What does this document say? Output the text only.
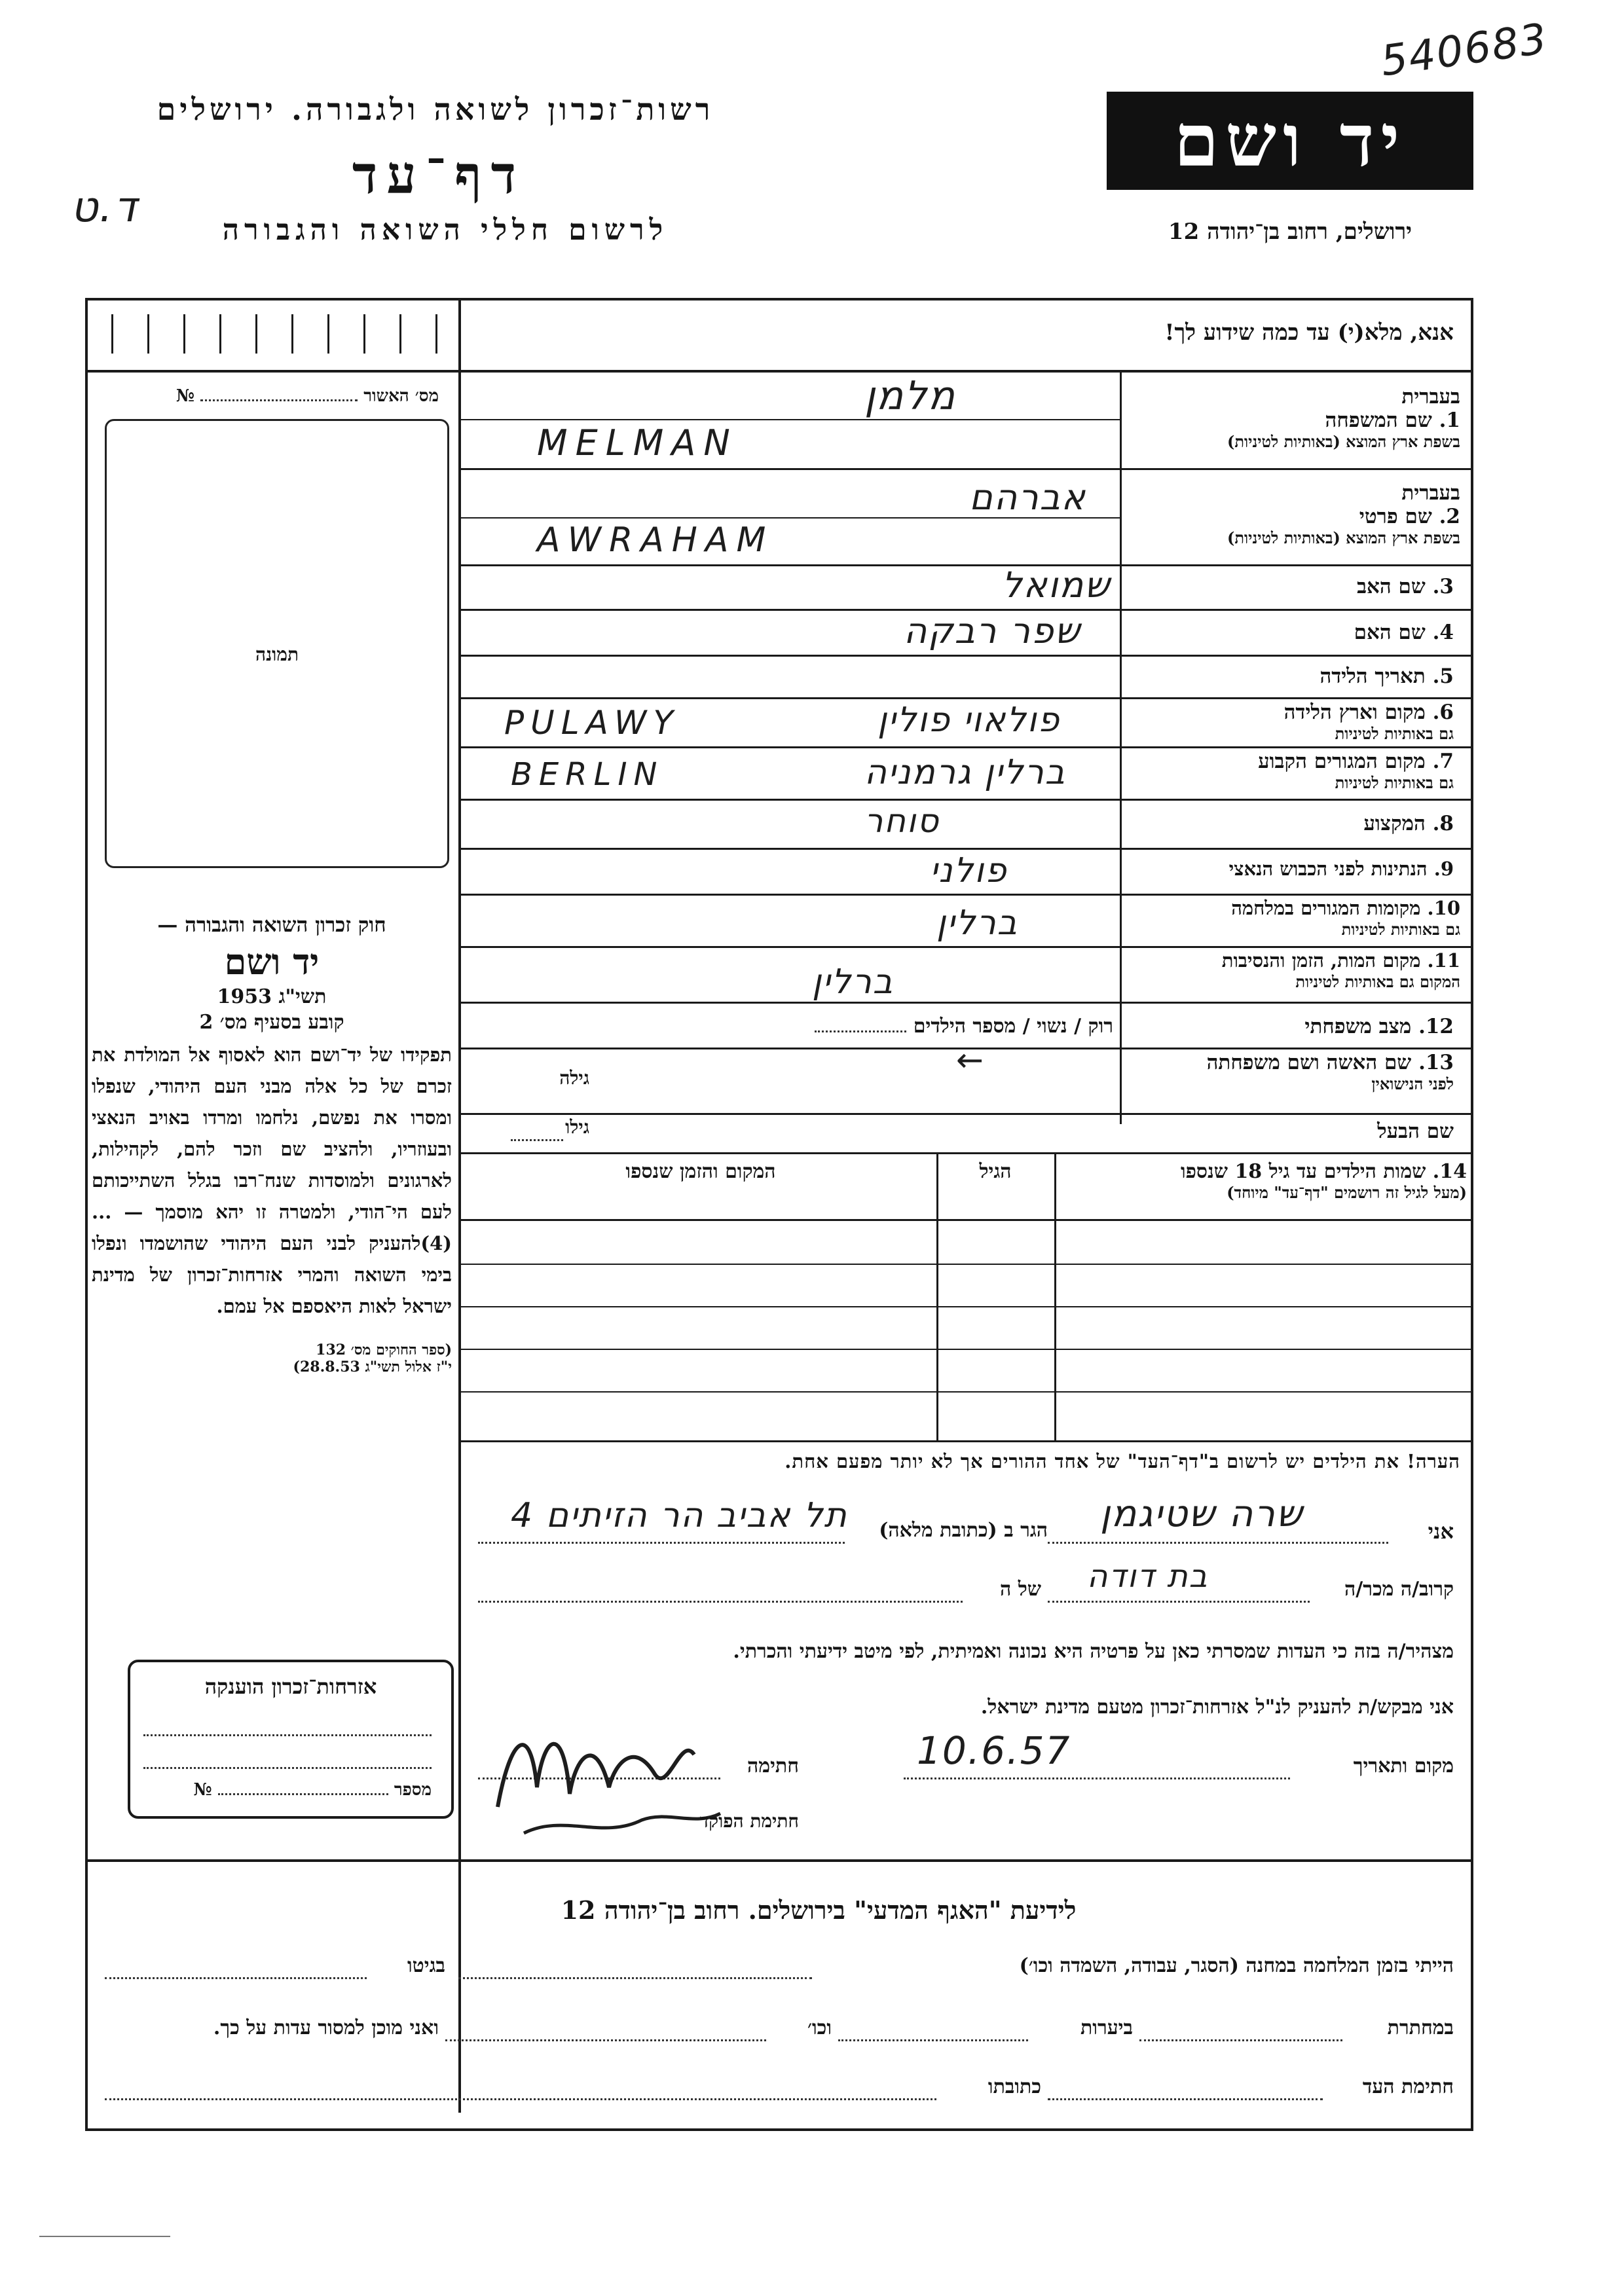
540683
רשות־זכרון לשואה ולגבורה. ירושלים
דף־עד
ד.ט	לרשום חללי השואה והגבורה
יד ושם
ירושלים, רחוב בן־יהודה 12
אנא, מלא(י) עד כמה שידוע לך!
מס׳ האשור  №
תמונה
בעברית
1. שם המשפחה
בשפת ארץ המוצא (באותיות לטיניות)
מלמן
MELMAN
בעברית
2. שם פרטי
בשפת ארץ המוצא (באותיות לטיניות)
אברהם
AWRAHAM
3. שם האב
שמואל
4. שם האם
שפר רבקה
5. תאריך הלידה
6. מקום וארץ הלידה
גם באותיות לטיניות
פולאוי פולין
PULAWY
7. מקום המגורים הקבוע
גם באותיות לטיניות
ברלין גרמניה
BERLIN
8. המקצוע
סוחר
9. הנתינות לפני הכבוש הנאצי
פולני
10. מקומות המגורים במלחמה
גם באותיות לטיניות
ברלין
11. מקום המות, הזמן והנסיבות
המקום גם באותיות לטיניות
ברלין
12. מצב משפחתי
רוק / נשוי / מספר הילדים
13. שם האשה ושם משפחתה
לפני הנישואין
גילה	←
שם הבעל
גילו
14. שמות הילדים עד גיל 18 שנספו
(מעל לגיל זה רושמים "דף־עד" מיוחד)
הגיל
המקום והזמן שנספו
חוק זכרון השואה והגבורה —
יד ושם
תשי"ג 1953
קובע בסעיף מס׳ 2
תפקידו של יד־ושם הוא לאסוף אל המולדת את זכרם של כל אלה מבני העם היהודי, שנפלו ומסרו את נפשם, נלחמו ומרדו באויב הנאצי ובעוזריו, ולהציב שם וזכר להם, לקהילות, לארגונים ולמוסדות שנח־רבו בגלל השתייכותם לעם הי־הודי, ולמטרה זו יהא מוסמך — ...(4)להעניק לבני העם היהודי שהושמדו ונפלו בימי השואה והמרי אזרחות־זכרון של מדינת ישראל לאות היאספם אל עמם.
(ספר החוקים מס׳ 132
י"ז אלול תשי"ג 28.8.53)
הערה! את הילדים יש לרשום ב"דף־העד" של אחד ההורים אך לא יותר מפעם אחת.
אני
שרה שטיגמן
הגר ב (כתובת מלאה)
תל אביב הר הזיתים 4
קרוב/ה מכר/ה
בת דודה
של ה
מצהיר/ה בזה כי העדות שמסרתי כאן על פרטיה היא נכונה ואמיתית, לפי מיטב ידיעתי והכרתי.
אני מבקש/ת להעניק לנ"ל אזרחות־זכרון מטעם מדינת ישראל.
מקום ותאריך
10.6.57
חתימה
חתימת הפוקד
אזרחות־זכרון הוענקה
מספר  №
לידיעת "האגף המדעי" בירושלים. רחוב בן־יהודה 12
הייתי בזמן המלחמה במחנה (הסגר, עבודה, השמדה וכו׳)
בגיטו
במחתרת
ביערות
וכו׳
ואני מוכן למסור עדות על כך.
חתימת העד
כתובתו
